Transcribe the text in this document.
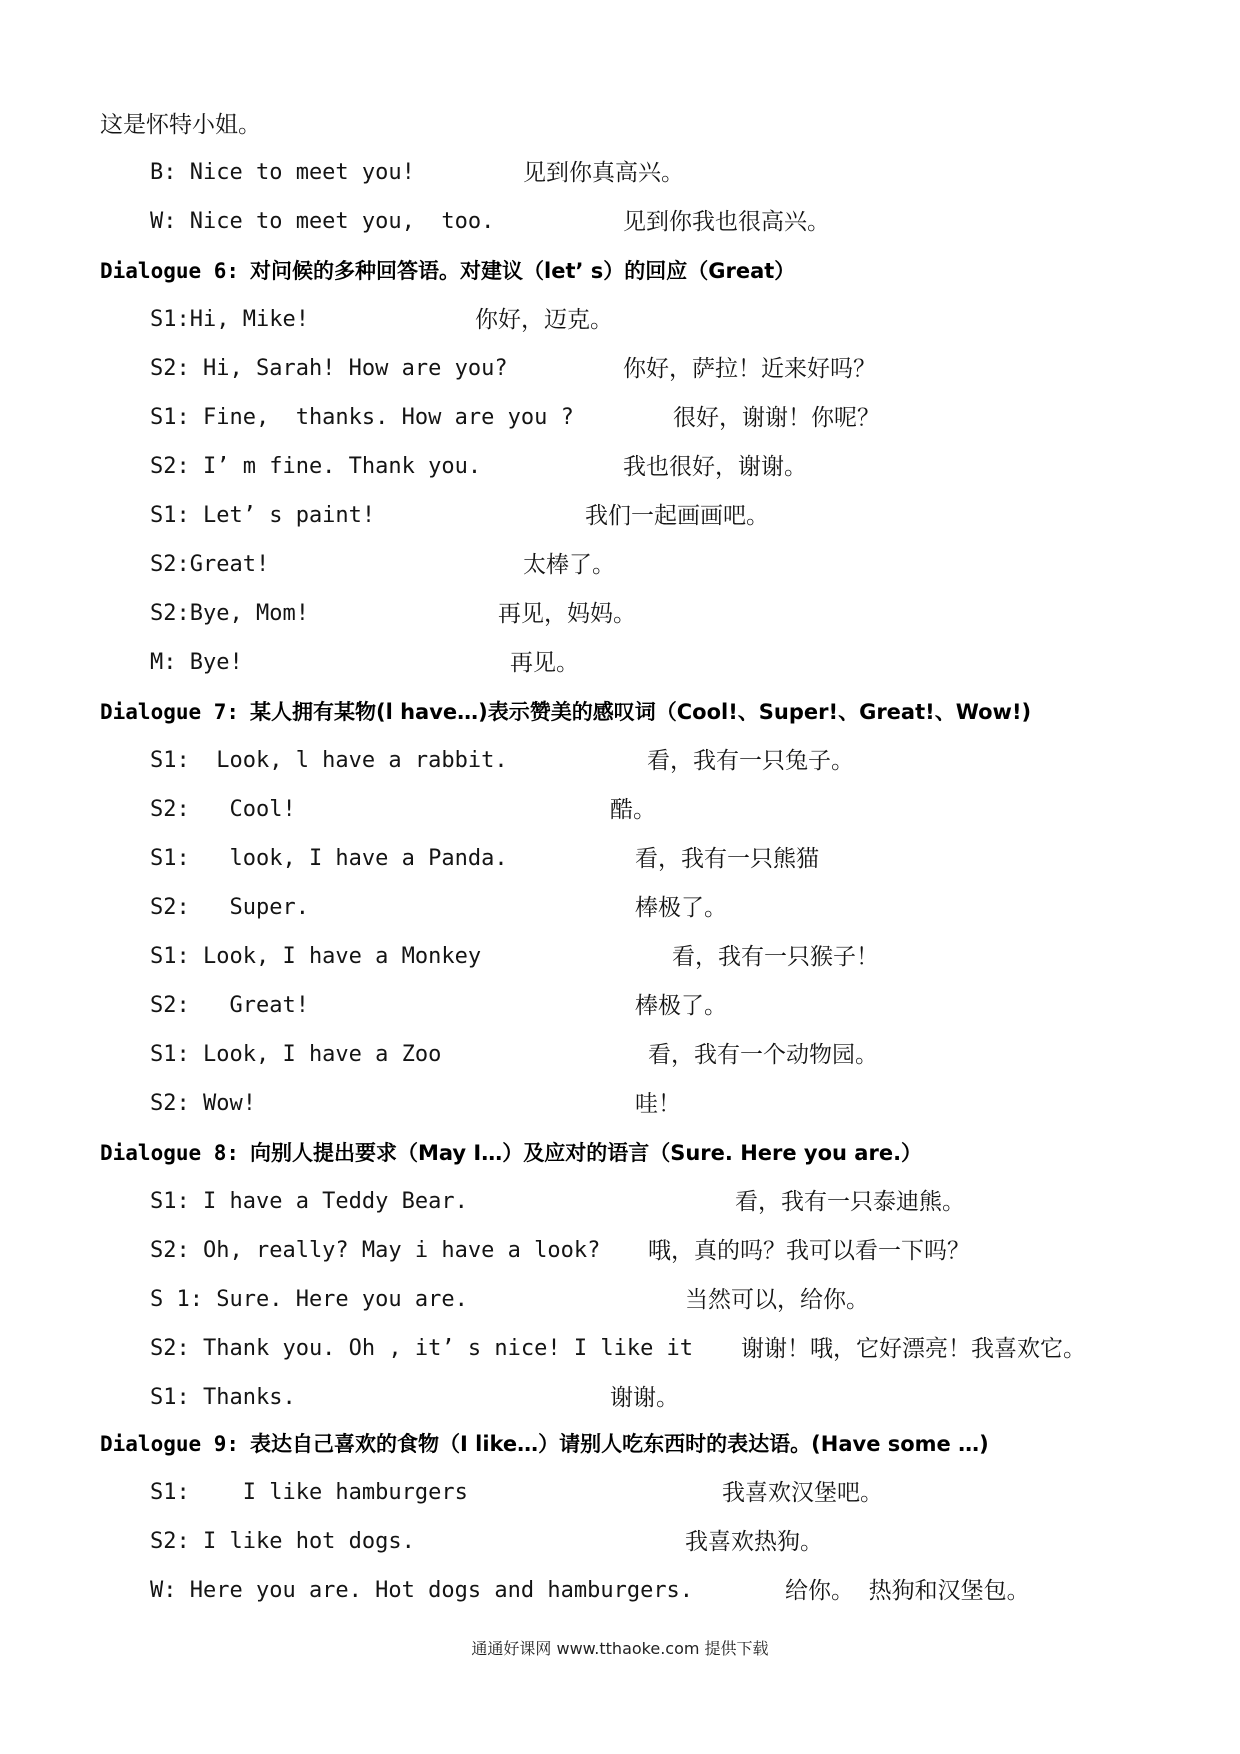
这是怀特小姐。
B: Nice to meet you!	见到你真高兴。
W: Nice to meet you,  too.	见到你我也很高兴。
Dialogue 6: 对问候的多种回答语。对建议（let’ s）的回应（Great）
S1:Hi, Mike!	你好，迈克。
S2: Hi, Sarah! How are you?	你好，萨拉！近来好吗？
S1: Fine,  thanks. How are you ?	很好，谢谢！你呢？
S2: I’ m fine. Thank you.	我也很好，谢谢。
S1: Let’ s paint!	我们一起画画吧。
S2:Great!	太棒了。
S2:Bye, Mom!	再见，妈妈。
M: Bye!	再见。
Dialogue 7: 某人拥有某物(l have…)表示赞美的感叹词（Cool!、Super!、Great!、Wow!)
S1:  Look, l have a rabbit.	看，我有一只兔子。
S2:   Cool!	酷。
S1:   look, I have a Panda.	看，我有一只熊猫
S2:   Super.	棒极了。
S1: Look, I have a Monkey	看，我有一只猴子！
S2:   Great!	棒极了。
S1: Look, I have a Zoo	看，我有一个动物园。
S2: Wow!	哇！
Dialogue 8: 向别人提出要求（May I…）及应对的语言（Sure. Here you are.）
S1: I have a Teddy Bear.	看，我有一只泰迪熊。
S2: Oh, really? May i have a look? 哦，真的吗？我可以看一下吗？
S 1: Sure. Here you are.	当然可以，给你。
S2: Thank you. Oh , it’ s nice! I like it 谢谢！哦，它好漂亮！我喜欢它。
S1: Thanks.	谢谢。
Dialogue 9: 表达自己喜欢的食物（I like…）请别人吃东西时的表达语。(Have some …)
S1:    I like hamburgers	我喜欢汉堡吧。
S2: I like hot dogs.	我喜欢热狗。
W: Here you are. Hot dogs and hamburgers.	给你。  热狗和汉堡包。
通通好课网 www.tthaoke.com 提供下载
